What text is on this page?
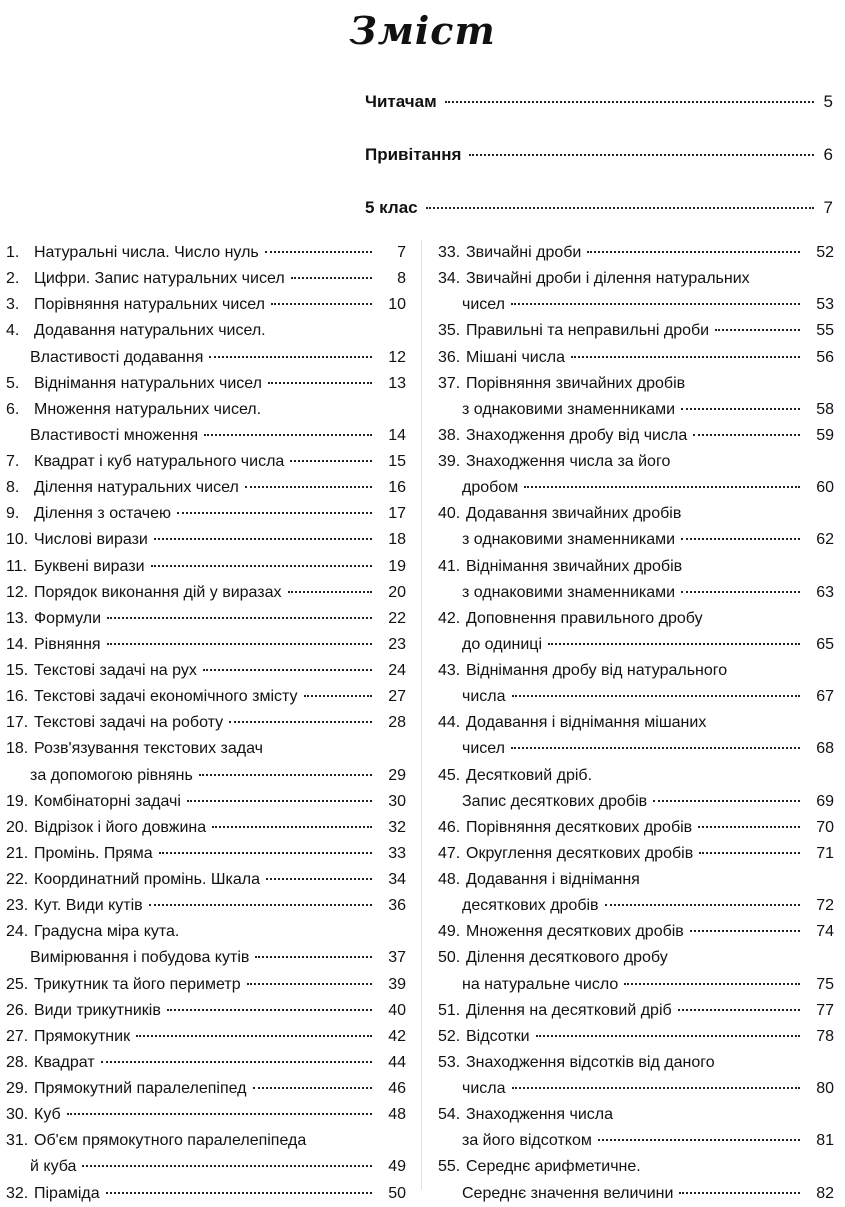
Зміст
Читачам	5
Привітання	6
5 клас	7
1. Натуральні числа. Число нуль	7
2. Цифри. Запис натуральних чисел	8
3. Порівняння натуральних чисел	10
4. Додавання натуральних чисел.
Властивості додавання	12
5. Віднімання натуральних чисел	13
6. Множення натуральних чисел.
Властивості множення	14
7. Квадрат і куб натурального числа	15
8. Ділення натуральних чисел	16
9. Ділення з остачею	17
10. Числові вирази	18
11. Буквені вирази	19
12. Порядок виконання дій у виразах	20
13. Формули	22
14. Рівняння	23
15. Текстові задачі на рух	24
16. Текстові задачі економічного змісту	27
17. Текстові задачі на роботу	28
18. Розв'язування текстових задач
за допомогою рівнянь	29
19. Комбінаторні задачі	30
20. Відрізок і його довжина	32
21. Промінь. Пряма	33
22. Координатний промінь. Шкала	34
23. Кут. Види кутів	36
24. Градусна міра кута.
Вимірювання і побудова кутів	37
25. Трикутник та його периметр	39
26. Види трикутників	40
27. Прямокутник	42
28. Квадрат	44
29. Прямокутний паралелепіпед	46
30. Куб	48
31. Об'єм прямокутного паралелепіпеда
й куба	49
32. Піраміда	50
33. Звичайні дроби	52
34. Звичайні дроби і ділення натуральних
чисел	53
35. Правильні та неправильні дроби	55
36. Мішані числа	56
37. Порівняння звичайних дробів
з однаковими знаменниками	58
38. Знаходження дробу від числа	59
39. Знаходження числа за його
дробом	60
40. Додавання звичайних дробів
з однаковими знаменниками	62
41. Віднімання звичайних дробів
з однаковими знаменниками	63
42. Доповнення правильного дробу
до одиниці	65
43. Віднімання дробу від натурального
числа	67
44. Додавання і віднімання мішаних
чисел	68
45. Десятковий дріб.
Запис десяткових дробів	69
46. Порівняння десяткових дробів	70
47. Округлення десяткових дробів	71
48. Додавання і віднімання
десяткових дробів	72
49. Множення десяткових дробів	74
50. Ділення десяткового дробу
на натуральне число	75
51. Ділення на десятковий дріб	77
52. Відсотки	78
53. Знаходження відсотків від даного
числа	80
54. Знаходження числа
за його відсотком	81
55. Середнє арифметичне.
Середнє значення величини	82
